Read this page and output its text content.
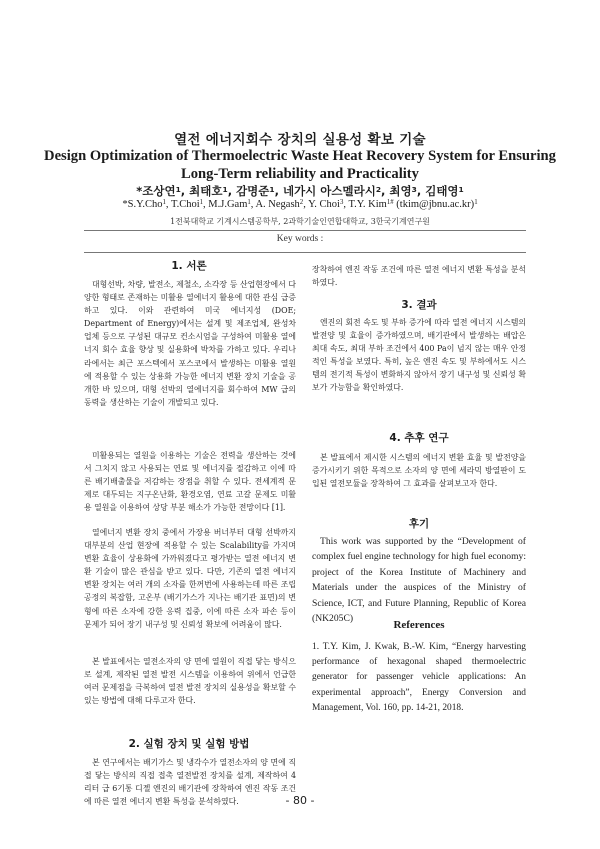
열전 에너지회수 장치의 실용성 확보 기술
Design Optimization of Thermoelectric Waste Heat Recovery System for Ensuring Long-Term reliability and Practicality
*조상연$^1$, 최태호$^1$, 감명준$^1$, 네가시 아스멜라시$^2$, 최영$^3$, 김태영$^1$
*S.Y.Cho$^1$, T.Choi$^1$, M.J.Gam$^1$, A. Negash$^2$, Y. Choi$^3$, T.Y. Kim$^{1\#}$ (tkim@jbnu.ac.kr)$^1$
1전북대학교 기계시스템공학부, 2과학기술인연합대학교, 3한국기계연구원
Key words :
1. 서론

대형선박, 차량, 발전소, 제철소, 소각장 등 산업현장에서 다양한 형태로 존재하는 미활용 열에너지 활용에 대한 관심 급증하고 있다. 이와 관련하여 미국 에너지성 (DOE; Department of Energy)에서는 설계 및 제조업체, 완성차 업체 등으로 구성된 대규모 컨소시엄을 구성하여 미활용 열에너지 회수 효율 향상 및 실용화에 박차를 가하고 있다. 우리나라에서는 최근 포스텍에서 포스코에서 발생하는 미활용 열원에 적용할 수 있는 상용화 가능한 에너지 변환 장치 기술을 공개한 바 있으며, 대형 선박의 열에너지를 회수하여 MW 급의 동력을 생산하는 기술이 개발되고 있다.

미활용되는 열원을 이용하는 기술은 전력을 생산하는 것에서 그치지 않고 사용되는 연료 및 에너지를 절감하고 이에 따른 배기배출물을 저감하는 장점을 취할 수 있다. 전세계적 문제로 대두되는 지구온난화, 환경오염, 연료 고갈 문제도 미활용 열원을 이용하여 상당 부분 해소가 가능한 전망이다 [1].

열에너지 변환 장치 중에서 가장용 버너부터 대형 선박까지 대부분의 산업 현장에 적용할 수 있는 Scalability를 가지며 변환 효율이 상용화에 가까워졌다고 평가받는 열전 에너지 변환 기술이 많은 관심을 받고 있다. 다만, 기존의 열전 에너지 변환 장치는 여러 개의 소자를 한꺼번에 사용하는데 따른 조립 공정의 복잡함, 고온부 (배기가스가 지나는 배기관 표면)의 변형에 따른 소자에 강한 응력 집중, 이에 따른 소자 파손 등이 문제가 되어 장기 내구성 및 신뢰성 확보에 어려움이 많다.

본 발표에서는 열전소자의 양 면에 열원이 직접 닿는 방식으로 설계, 제작된 열전 발전 시스템을 이용하여 위에서 언급한 여러 문제점을 극복하여 열전 발전 장치의 실용성을 확보할 수 있는 방법에 대해 다루고자 한다.

2. 실험 장치 및 실험 방법

본 연구에서는 배기가스 및 냉각수가 열전소자의 양 면에 직접 닿는 방식의 직접 접촉 열전발전 장치를 설계, 제작하여 4리터 급 6기통 디젤 엔진의 배기관에 장착하여 엔진 작동 조건에 따른 열전 에너지 변환 특성을 분석하였다.

장착하여 엔진 작동 조건에 따른 열전 에너지 변환 특성을 분석하였다.

3. 결과

엔진의 회전 속도 및 부하 증가에 따라 열전 에너지 시스템의 발전양 및 효율이 증가하였으며, 배기관에서 발생하는 배압은 최대 속도, 최대 부하 조건에서 400 Pa이 넘지 않는 매우 안정적인 특성을 보였다. 특히, 높은 엔진 속도 및 부하에서도 시스템의 전기적 특성이 변화하지 않아서 장기 내구성 및 신뢰성 확보가 가능함을 확인하였다.

4. 추후 연구

본 발표에서 제시한 시스템의 에너지 변환 효율 및 발전양을 증가시키기 위한 목적으로 소자의 양 면에 세라믹 방열판이 도입된 열전모듈을 장착하여 그 효과를 살펴보고자 한다.

후기

This work was supported by the “Development of complex fuel engine technology for high fuel economy: project of the Korea Institute of Machinery and Materials under the auspices of the Ministry of Science, ICT, and Future Planning, Republic of Korea (NK205C)

References

1. T.Y. Kim, J. Kwak, B.-W. Kim, “Energy harvesting performance of hexagonal shaped thermoelectric generator for passenger vehicle applications: An experimental approach”, Energy Conversion and Management, Vol. 160, pp. 14-21, 2018.

- 80 -
